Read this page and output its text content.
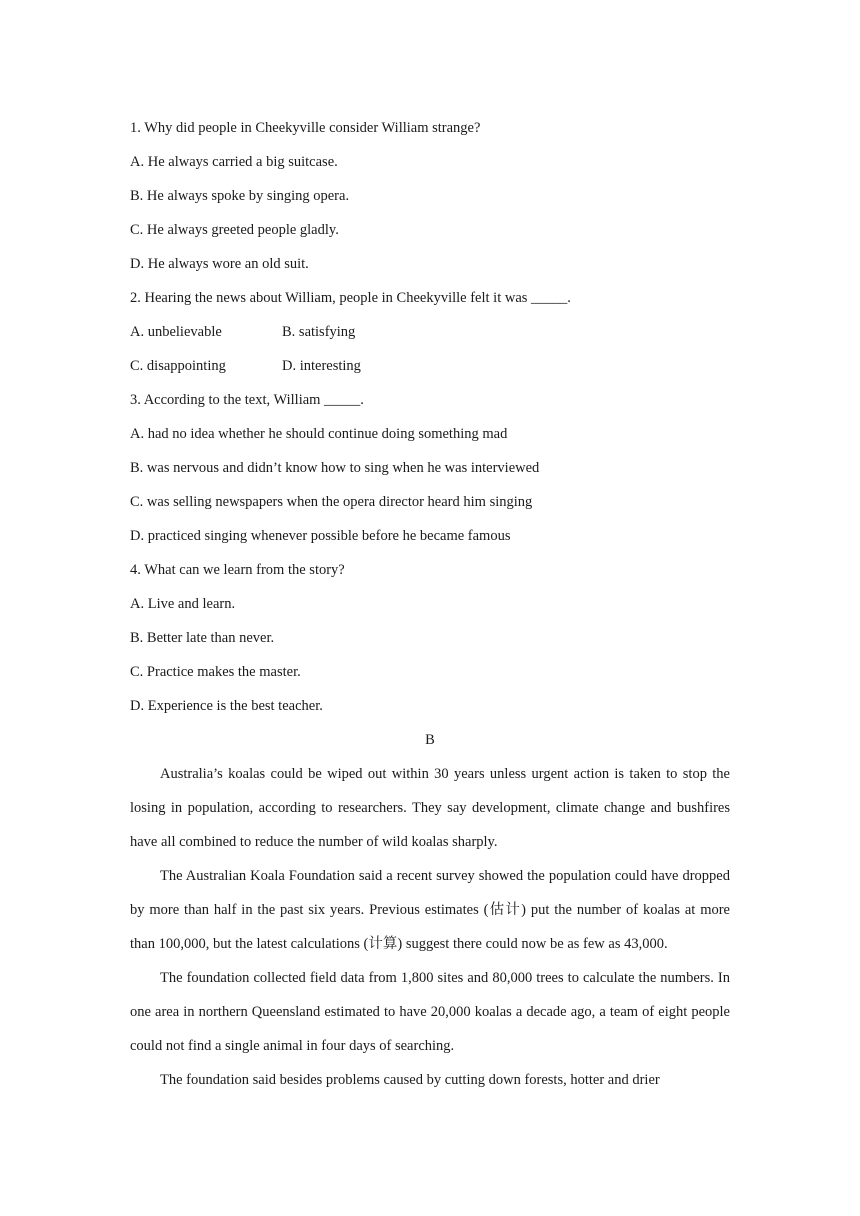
1. Why did people in Cheekyville consider William strange?
A. He always carried a big suitcase.
B. He always spoke by singing opera.
C. He always greeted people gladly.
D. He always wore an old suit.
2. Hearing the news about William, people in Cheekyville felt it was _____.
A. unbelievable	B. satisfying
C. disappointing	D. interesting
3. According to the text, William _____.
A. had no idea whether he should continue doing something mad
B. was nervous and didn’t know how to sing when he was interviewed
C. was selling newspapers when the opera director heard him singing
D. practiced singing whenever possible before he became famous
4. What can we learn from the story?
A. Live and learn.
B. Better late than never.
C. Practice makes the master.
D. Experience is the best teacher.
B

Australia’s koalas could be wiped out within 30 years unless urgent action is taken to stop the losing in population, according to researchers. They say development, climate change and bushfires have all combined to reduce the number of wild koalas sharply.

The Australian Koala Foundation said a recent survey showed the population could have dropped by more than half in the past six years. Previous estimates (估计) put the number of koalas at more than 100,000, but the latest calculations (计算) suggest there could now be as few as 43,000.

The foundation collected field data from 1,800 sites and 80,000 trees to calculate the numbers. In one area in northern Queensland estimated to have 20,000 koalas a decade ago, a team of eight people could not find a single animal in four days of searching.

The foundation said besides problems caused by cutting down forests, hotter and drier
